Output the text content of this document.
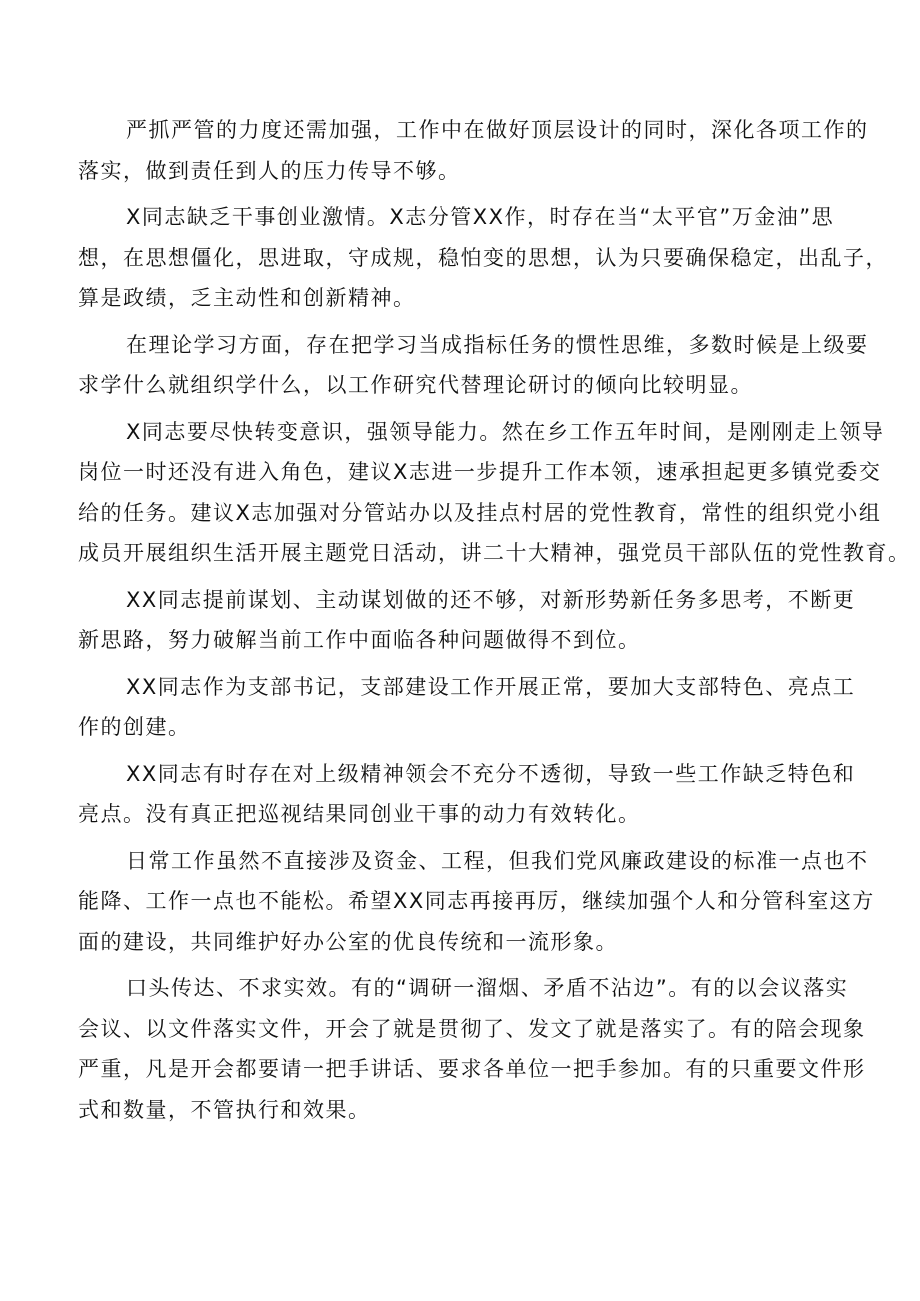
严抓严管的力度还需加强，工作中在做好顶层设计的同时，深化各项工作的
落实，做到责任到人的压力传导不够。
X同志缺乏干事创业激情。X志分管XX作，时存在当“太平官”万金油”思
想，在思想僵化，思进取，守成规，稳怕变的思想，认为只要确保稳定，出乱子，
算是政绩，乏主动性和创新精神。
在理论学习方面，存在把学习当成指标任务的惯性思维，多数时候是上级要
求学什么就组织学什么，以工作研究代替理论研讨的倾向比较明显。
X同志要尽快转变意识，强领导能力。然在乡工作五年时间，是刚刚走上领导
岗位一时还没有进入角色，建议X志进一步提升工作本领，速承担起更多镇党委交
给的任务。建议X志加强对分管站办以及挂点村居的党性教育，常性的组织党小组
成员开展组织生活开展主题党日活动，讲二十大精神，强党员干部队伍的党性教育。
XX同志提前谋划、主动谋划做的还不够，对新形势新任务多思考，不断更
新思路，努力破解当前工作中面临各种问题做得不到位。
XX同志作为支部书记，支部建设工作开展正常，要加大支部特色、亮点工
作的创建。
XX同志有时存在对上级精神领会不充分不透彻，导致一些工作缺乏特色和
亮点。没有真正把巡视结果同创业干事的动力有效转化。
日常工作虽然不直接涉及资金、工程，但我们党风廉政建设的标准一点也不
能降、工作一点也不能松。希望XX同志再接再厉，继续加强个人和分管科室这方
面的建设，共同维护好办公室的优良传统和一流形象。
口头传达、不求实效。有的“调研一溜烟、矛盾不沾边”。有的以会议落实
会议、以文件落实文件，开会了就是贯彻了、发文了就是落实了。有的陪会现象
严重，凡是开会都要请一把手讲话、要求各单位一把手参加。有的只重要文件形
式和数量，不管执行和效果。
